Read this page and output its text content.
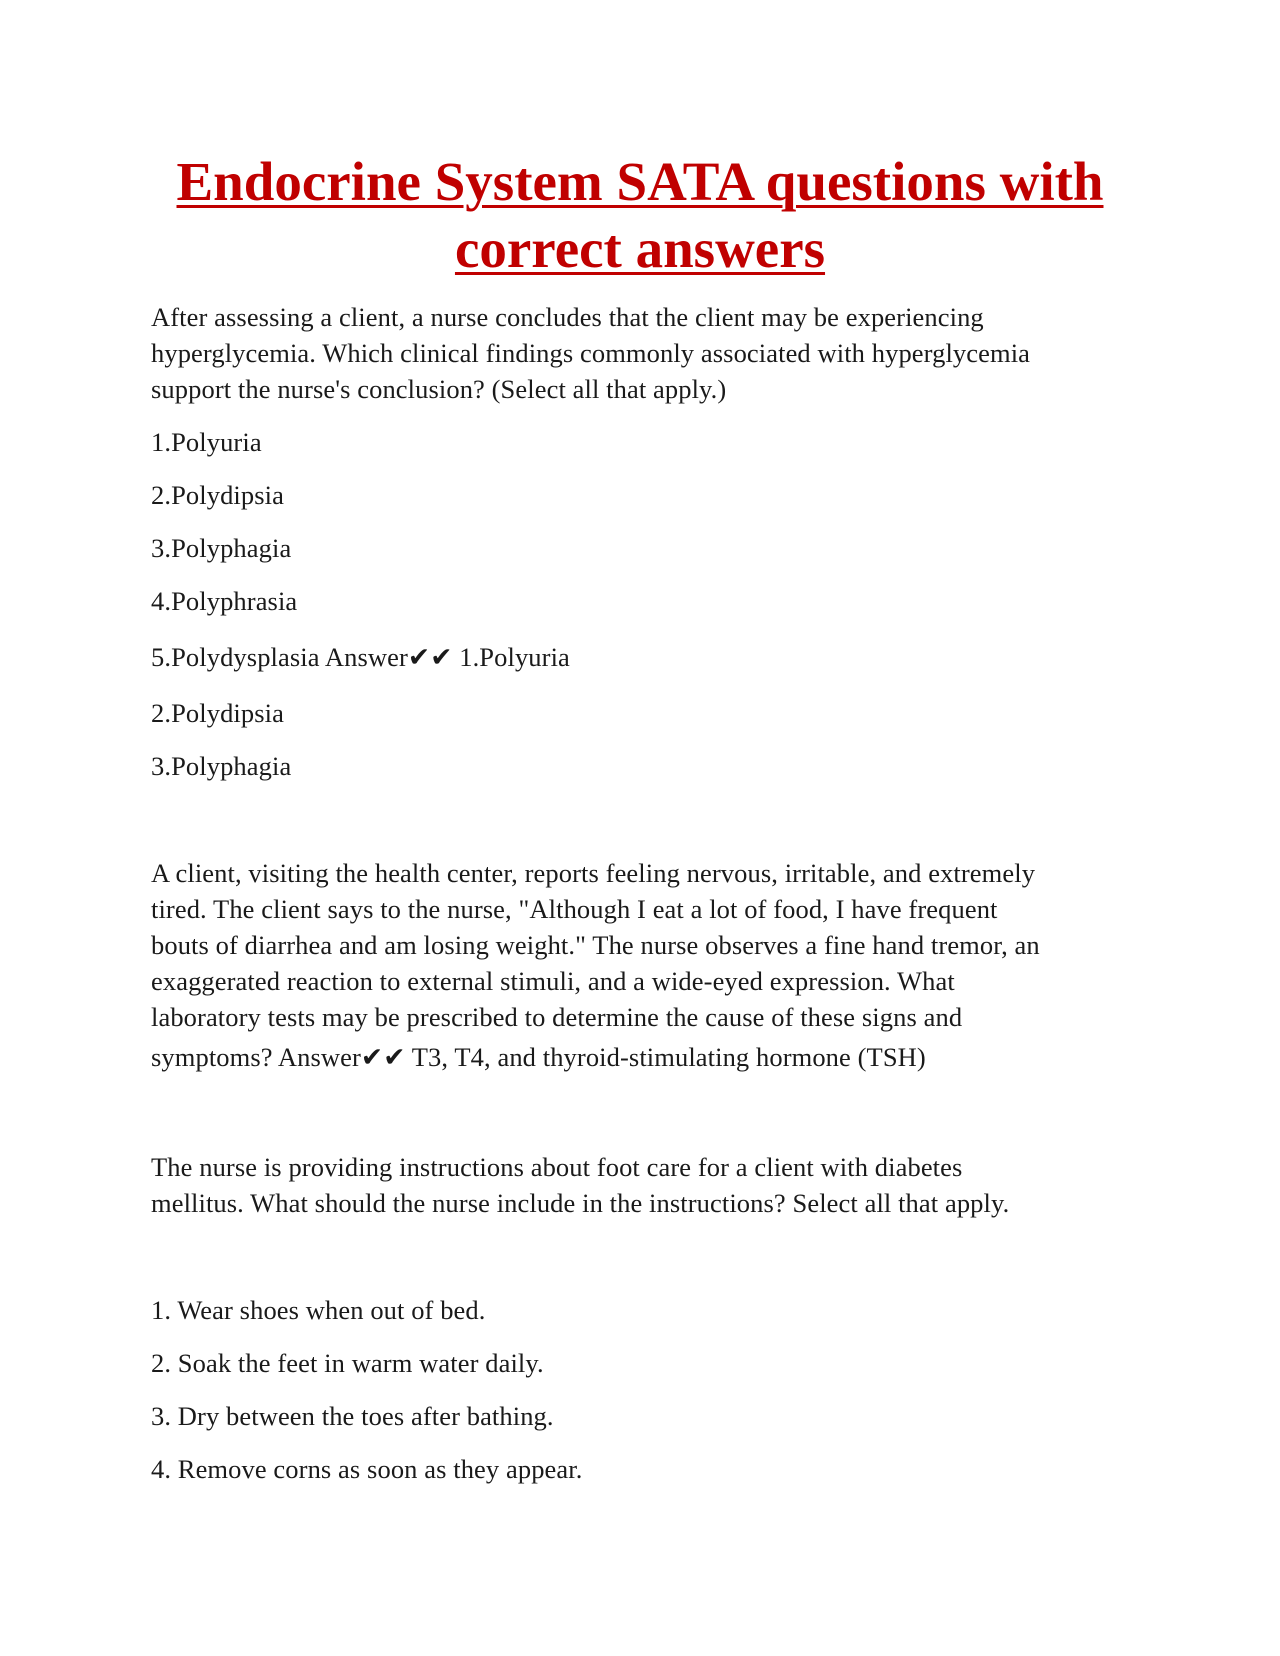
Endocrine System SATA questions with
correct answers

After assessing a client, a nurse concludes that the client may be experiencing

hyperglycemia. Which clinical findings commonly associated with hyperglycemia

support the nurse's conclusion? (Select all that apply.)

1.Polyuria

2.Polydipsia

3.Polyphagia

4.Polyphrasia

5.Polydysplasia Answer✔✔ 1.Polyuria

2.Polydipsia

3.Polyphagia

A client, visiting the health center, reports feeling nervous, irritable, and extremely

tired. The client says to the nurse, "Although I eat a lot of food, I have frequent

bouts of diarrhea and am losing weight." The nurse observes a fine hand tremor, an

exaggerated reaction to external stimuli, and a wide-eyed expression. What

laboratory tests may be prescribed to determine the cause of these signs and

symptoms? Answer✔✔ T3, T4, and thyroid-stimulating hormone (TSH)

The nurse is providing instructions about foot care for a client with diabetes

mellitus. What should the nurse include in the instructions? Select all that apply.

1. Wear shoes when out of bed.

2. Soak the feet in warm water daily.

3. Dry between the toes after bathing.

4. Remove corns as soon as they appear.
